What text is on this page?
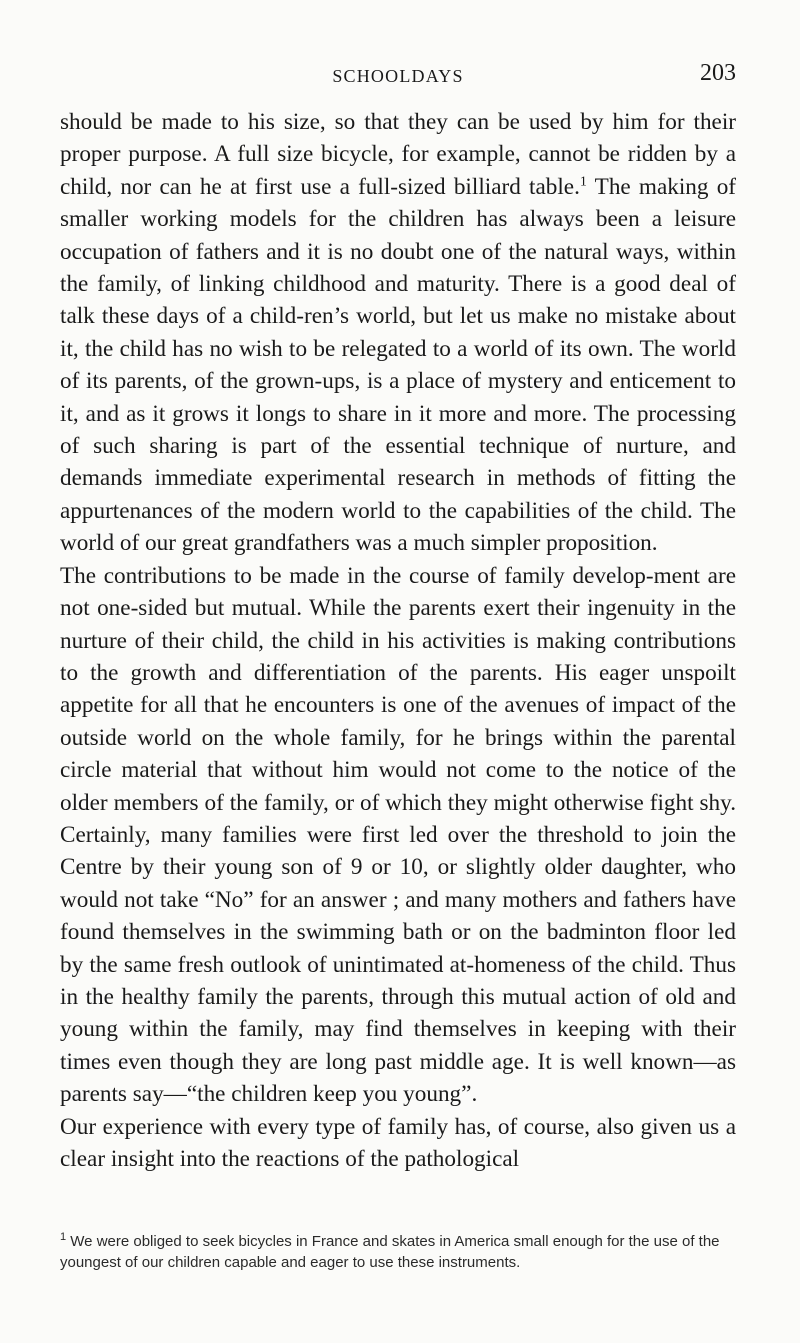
SCHOOLDAYS	203

should be made to his size, so that they can be used by him for their proper purpose. A full size bicycle, for example, cannot be ridden by a child, nor can he at first use a full-sized billiard table.$^1$ The making of smaller working models for the children has always been a leisure occupation of fathers and it is no doubt one of the natural ways, within the family, of linking childhood and maturity. There is a good deal of talk these days of a child-ren’s world, but let us make no mistake about it, the child has no wish to be relegated to a world of its own. The world of its parents, of the grown-ups, is a place of mystery and enticement to it, and as it grows it longs to share in it more and more. The processing of such sharing is part of the essential technique of nurture, and demands immediate experimental research in methods of fitting the appurtenances of the modern world to the capabilities of the child. The world of our great grandfathers was a much simpler proposition.

The contributions to be made in the course of family develop-ment are not one-sided but mutual. While the parents exert their ingenuity in the nurture of their child, the child in his activities is making contributions to the growth and differentiation of the parents. His eager unspoilt appetite for all that he encounters is one of the avenues of impact of the outside world on the whole family, for he brings within the parental circle material that without him would not come to the notice of the older members of the family, or of which they might otherwise fight shy. Certainly, many families were first led over the threshold to join the Centre by their young son of 9 or 10, or slightly older daughter, who would not take “No” for an answer ; and many mothers and fathers have found themselves in the swimming bath or on the badminton floor led by the same fresh outlook of unintimated at-homeness of the child. Thus in the healthy family the parents, through this mutual action of old and young within the family, may find themselves in keeping with their times even though they are long past middle age. It is well known—as parents say—“the children keep you young”.

Our experience with every type of family has, of course, also given us a clear insight into the reactions of the pathological

$^1$ We were obliged to seek bicycles in France and skates in America small enough for the use of the youngest of our children capable and eager to use these instruments.
